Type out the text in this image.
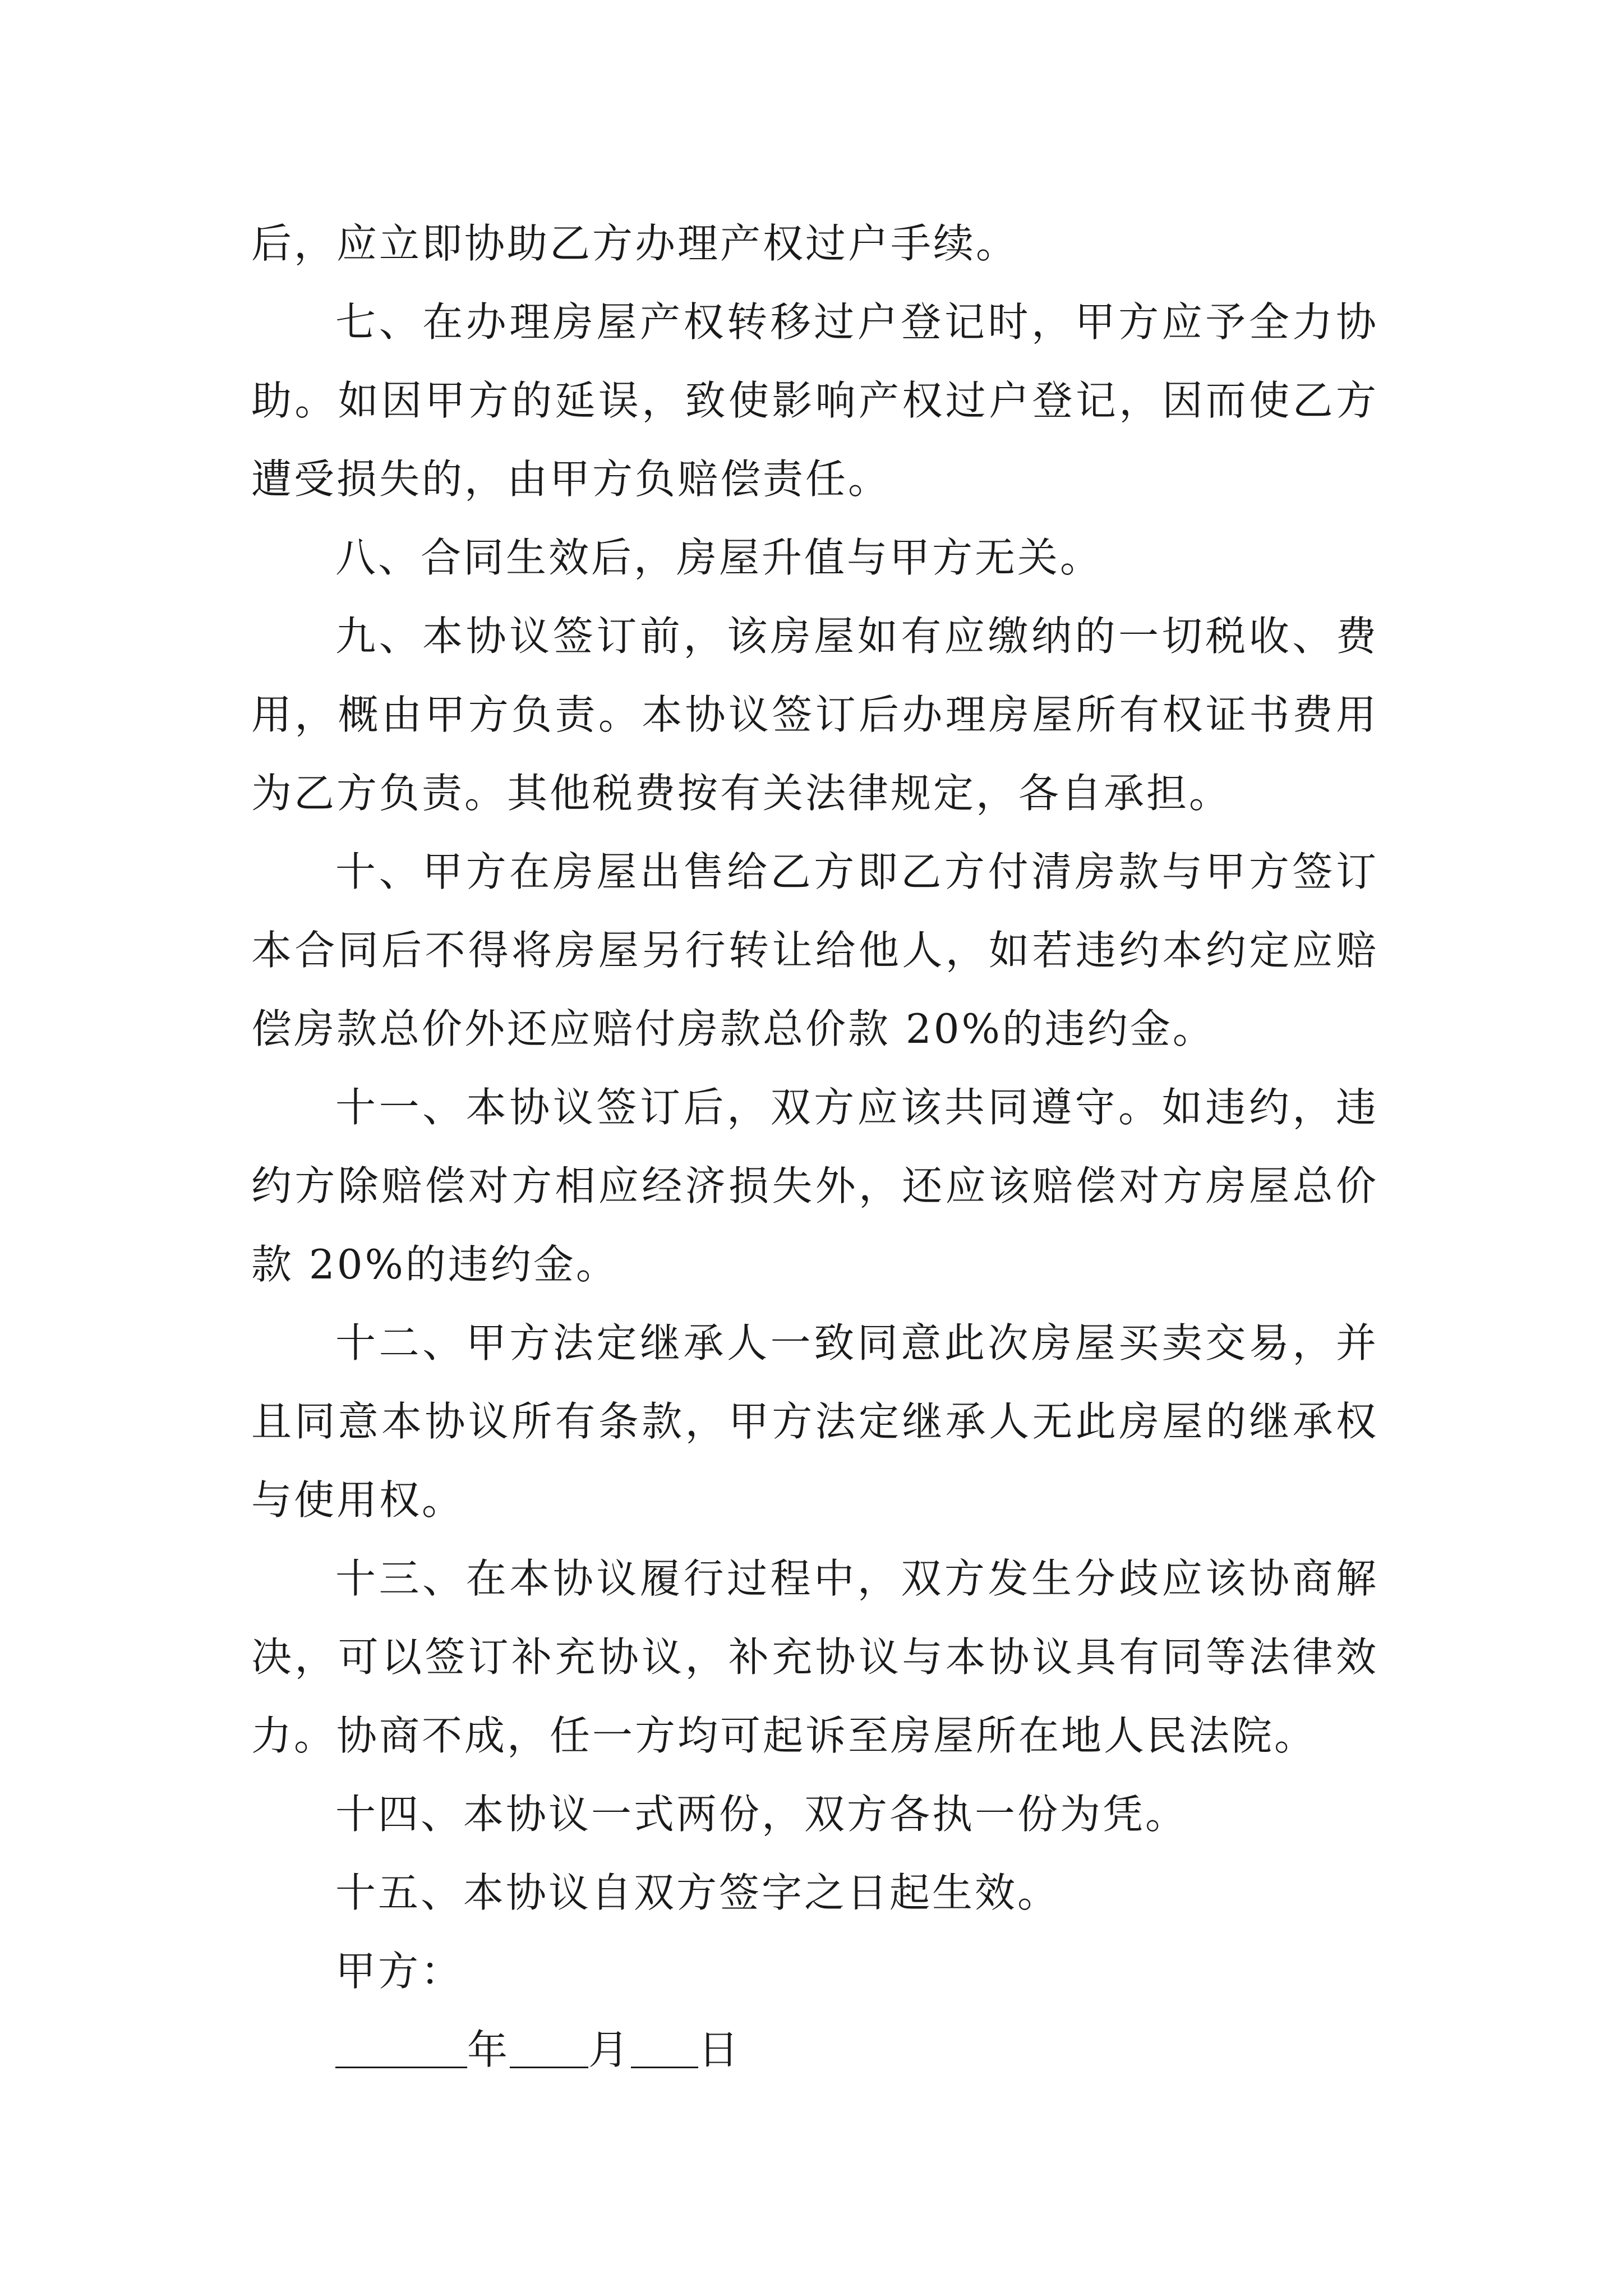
后，应立即协助乙方办理产权过户手续。

七、在办理房屋产权转移过户登记时，甲方应予全力协助。如因甲方的延误，致使影响产权过户登记，因而使乙方遭受损失的，由甲方负赔偿责任。

八、合同生效后，房屋升值与甲方无关。

九、本协议签订前，该房屋如有应缴纳的一切税收、费用，概由甲方负责。本协议签订后办理房屋所有权证书费用为乙方负责。其他税费按有关法律规定，各自承担。

十、甲方在房屋出售给乙方即乙方付清房款与甲方签订本合同后不得将房屋另行转让给他人，如若违约本约定应赔偿房款总价外还应赔付房款总价款 20%的违约金。

十一、本协议签订后，双方应该共同遵守。如违约，违约方除赔偿对方相应经济损失外，还应该赔偿对方房屋总价款 20%的违约金。

十二、甲方法定继承人一致同意此次房屋买卖交易，并且同意本协议所有条款，甲方法定继承人无此房屋的继承权与使用权。

十三、在本协议履行过程中，双方发生分歧应该协商解决，可以签订补充协议，补充协议与本协议具有同等法律效力。协商不成，任一方均可起诉至房屋所在地人民法院。

十四、本协议一式两份，双方各执一份为凭。

十五、本协议自双方签字之日起生效。

甲方：

年 月 日
